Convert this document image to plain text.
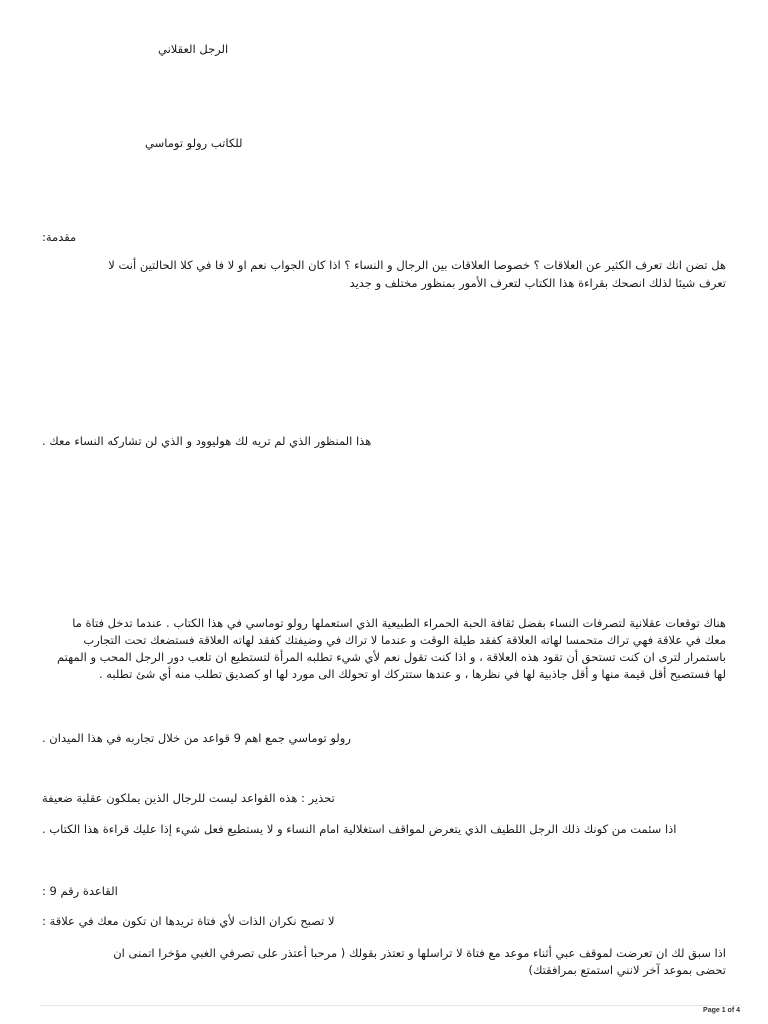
الرجل العقلاني

للكاتب رولو توماسي

مقدمة:

هل تضن انك تعرف الكثير عن العلاقات ؟ خصوصا العلاقات بين الرجال و النساء ؟ اذا كان الجواب نعم او لا فا في كلا الحالتين أنت لا

تعرف شيئا لذلك انصحك بقراءة هذا الكتاب لتعرف الأمور بمنظور مختلف و جديد

هذا المنظور الذي لم تريه لك هوليوود و الذي لن تشاركه النساء معك .

هناك توقعات عقلانية لتصرفات النساء بفضل ثقافة الحبة الحمراء الطبيعية الذي استعملها رولو توماسي في هذا الكتاب . عندما تدخل فتاة ما

معك في علاقة فهي تراك متحمسا لهاته العلاقة كفقد طيلة الوقت و عندما لا تراك في وضيفتك كفقد لهاته العلاقة فستضعك تحت التجارب

باستمرار لترى ان كنت تستحق أن تقود هذه العلاقة ، و اذا كنت تقول نعم لأي شيء تطلبه المرأة لتستطيع ان تلعب دور الرجل المحب و المهتم

لها فستصبح أقل قيمة منها و أقل جاذبية لها في نظرها ، و عندها ستتركك او تحولك الى مورد لها او كصديق تطلب منه أي شئ تطلبه .

رولو توماسي جمع اهم 9 قواعد من خلال تجاربه في هذا الميدان .

تحذير : هذه القواعد ليست للرجال الذين يملكون عقلية ضعيفة

اذا سئمت من كونك ذلك الرجل اللطيف الذي يتعرض لمواقف استغلالية امام النساء و لا يستطيع فعل شيء إذا عليك قراءة هذا الكتاب .

القاعدة رقم 9 :

لا تصبح نكران الذات لأي فتاة تريدها ان تكون معك في علاقة :

اذا سبق لك ان تعرضت لموقف عبي أثناء موعد مع فتاة لا تراسلها و تعتذر بقولك ( مرحبا أعتذر على تصرفي الغبي مؤخرا اتمنى ان

تحضى بموعد آخر لانني استمتع بمرافقتك)

Page 1 of 4
